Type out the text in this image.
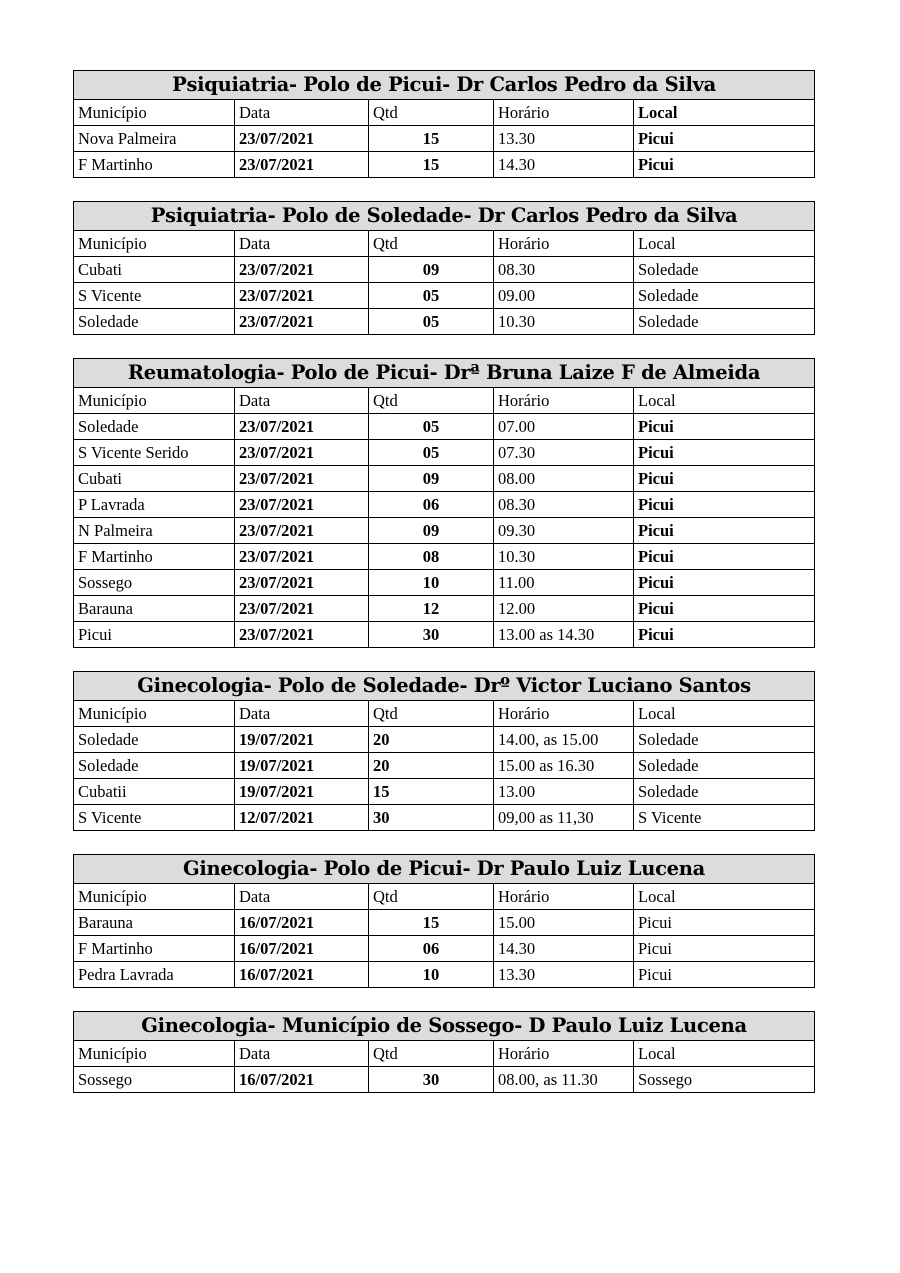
Psiquiatria- Polo de Picui- Dr Carlos Pedro da Silva				
Município	Data	Qtd	Horário	Local
Nova Palmeira	23/07/2021	15	13.30	Picui
F Martinho	23/07/2021	15	14.30	Picui
Psiquiatria- Polo de Soledade- Dr Carlos Pedro da Silva				
Município	Data	Qtd	Horário	Local
Cubati	23/07/2021	09	08.30	Soledade
S Vicente	23/07/2021	05	09.00	Soledade
Soledade	23/07/2021	05	10.30	Soledade
Reumatologia- Polo de Picui- Drª Bruna Laize F de Almeida				
Município	Data	Qtd	Horário	Local
Soledade	23/07/2021	05	07.00	Picui
S Vicente Serido	23/07/2021	05	07.30	Picui
Cubati	23/07/2021	09	08.00	Picui
P Lavrada	23/07/2021	06	08.30	Picui
N Palmeira	23/07/2021	09	09.30	Picui
F Martinho	23/07/2021	08	10.30	Picui
Sossego	23/07/2021	10	11.00	Picui
Barauna	23/07/2021	12	12.00	Picui
Picui	23/07/2021	30	13.00 as 14.30	Picui
Ginecologia- Polo de Soledade- Drº Victor Luciano Santos				
Município	Data	Qtd	Horário	Local
Soledade	19/07/2021	20	14.00, as 15.00	Soledade
Soledade	19/07/2021	20	15.00 as 16.30	Soledade
Cubatii	19/07/2021	15	13.00	Soledade
S Vicente	12/07/2021	30	09,00 as 11,30	S Vicente
Ginecologia- Polo de Picui- Dr Paulo Luiz Lucena				
Município	Data	Qtd	Horário	Local
Barauna	16/07/2021	15	15.00	Picui
F Martinho	16/07/2021	06	14.30	Picui
Pedra Lavrada	16/07/2021	10	13.30	Picui
Ginecologia- Município de Sossego- D Paulo Luiz Lucena				
Município	Data	Qtd	Horário	Local
Sossego	16/07/2021	30	08.00, as 11.30	Sossego
